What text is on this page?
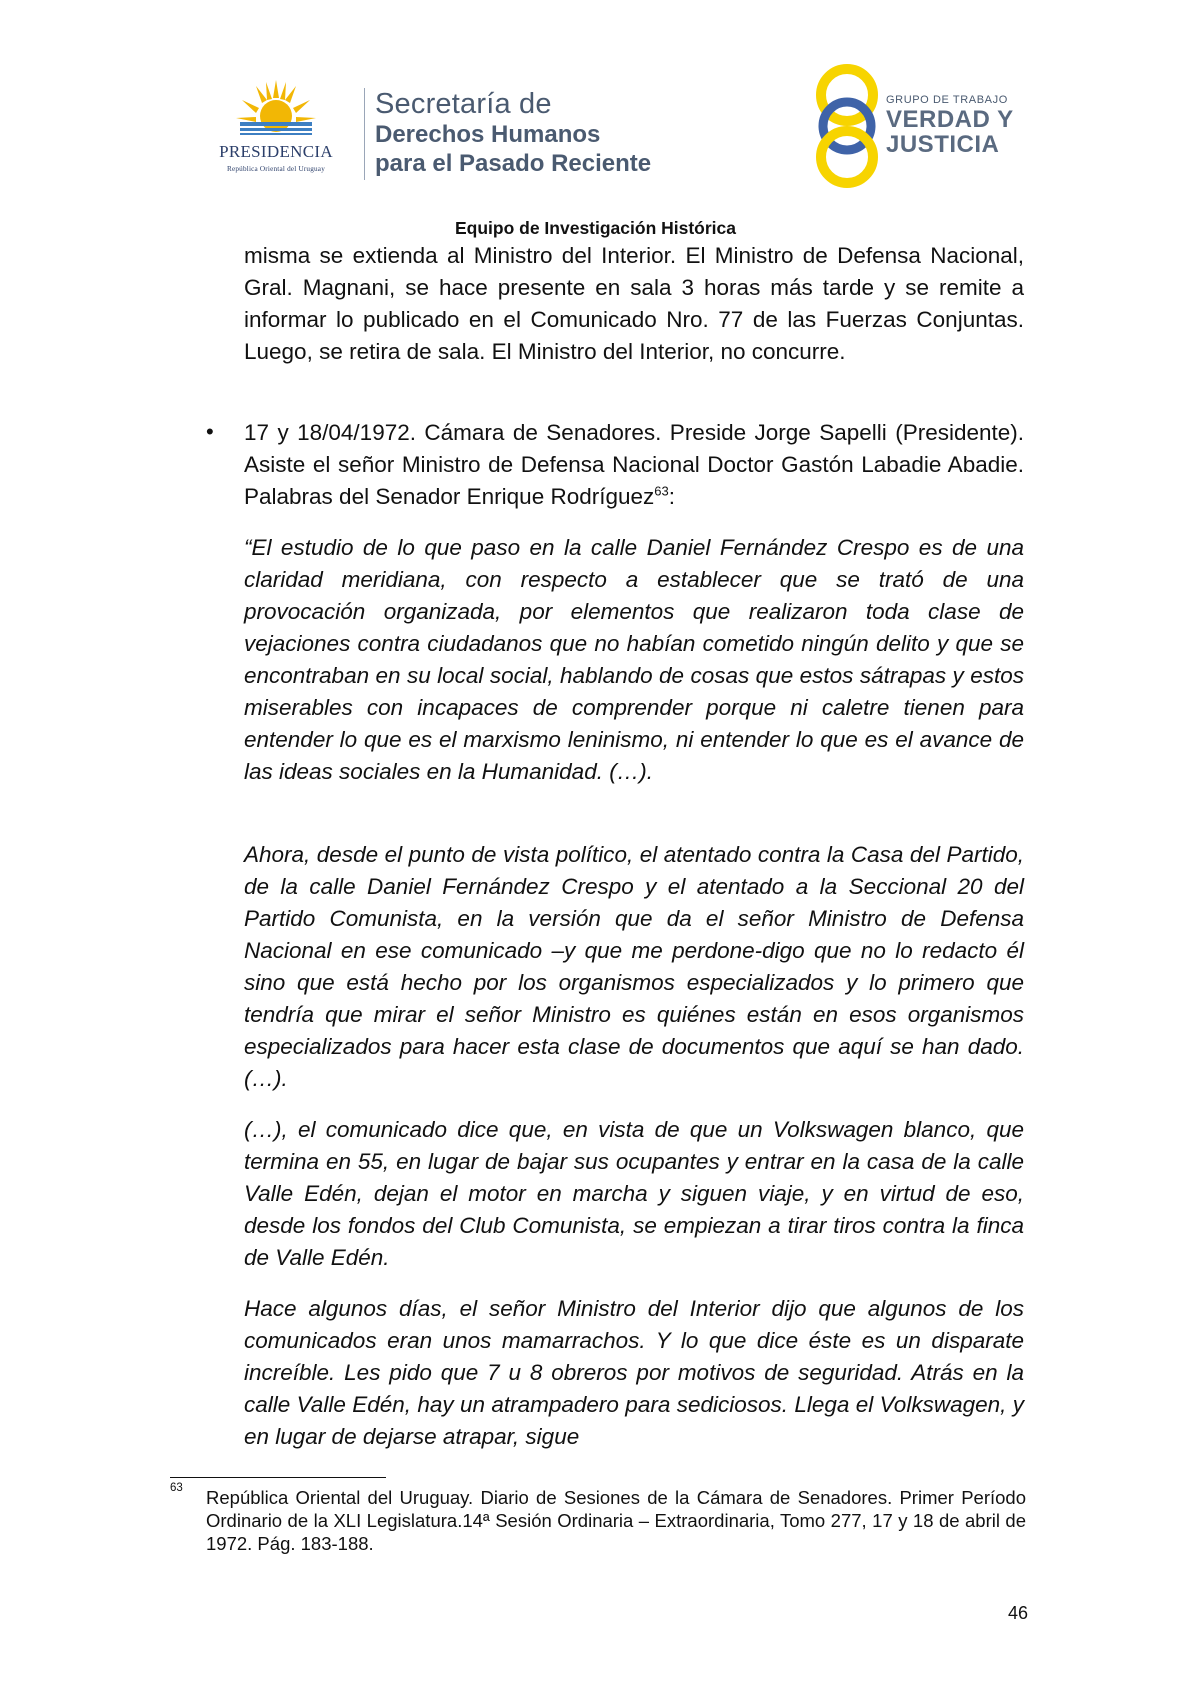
PRESIDENCIA
República Oriental del Uruguay
Secretaría de
Derechos Humanos
para el Pasado Reciente
GRUPO DE TRABAJO
VERDAD Y
JUSTICIA
Equipo de Investigación Histórica

misma se extienda al Ministro del Interior. El Ministro de Defensa Nacional, Gral. Magnani, se hace presente en sala 3 horas más tarde y se remite a informar lo publicado en el Comunicado Nro. 77 de las Fuerzas Conjuntas. Luego, se retira de sala. El Ministro del Interior, no concurre.

• 17 y 18/04/1972. Cámara de Senadores. Preside Jorge Sapelli (Presidente). Asiste el señor Ministro de Defensa Nacional Doctor Gastón Labadie Abadie. Palabras del Senador Enrique Rodríguez$^{63}$:

“El estudio de lo que paso en la calle Daniel Fernández Crespo es de una claridad meridiana, con respecto a establecer que se trató de una provocación organizada, por elementos que realizaron toda clase de vejaciones contra ciudadanos que no habían cometido ningún delito y que se encontraban en su local social, hablando de cosas que estos sátrapas y estos miserables con incapaces de comprender porque ni caletre tienen para entender lo que es el marxismo leninismo, ni entender lo que es el avance de las ideas sociales en la Humanidad. (…).

Ahora, desde el punto de vista político, el atentado contra la Casa del Partido, de la calle Daniel Fernández Crespo y el atentado a la Seccional 20 del Partido Comunista, en la versión que da el señor Ministro de Defensa Nacional en ese comunicado –y que me perdone-digo que no lo redacto él sino que está hecho por los organismos especializados y lo primero que tendría que mirar el señor Ministro es quiénes están en esos organismos especializados para hacer esta clase de documentos que aquí se han dado. (…).

(…), el comunicado dice que, en vista de que un Volkswagen blanco, que termina en 55, en lugar de bajar sus ocupantes y entrar en la casa de la calle Valle Edén, dejan el motor en marcha y siguen viaje, y en virtud de eso, desde los fondos del Club Comunista, se empiezan a tirar tiros contra la finca de Valle Edén.

Hace algunos días, el señor Ministro del Interior dijo que algunos de los comunicados eran unos mamarrachos. Y lo que dice éste es un disparate increíble. Les pido que 7 u 8 obreros por motivos de seguridad. Atrás en la calle Valle Edén, hay un atrampadero para sediciosos. Llega el Volkswagen, y en lugar de dejarse atrapar, sigue

63 República Oriental del Uruguay. Diario de Sesiones de la Cámara de Senadores. Primer Período Ordinario de la XLI Legislatura.14ª Sesión Ordinaria – Extraordinaria, Tomo 277, 17 y 18 de abril de 1972. Pág. 183-188.

46
